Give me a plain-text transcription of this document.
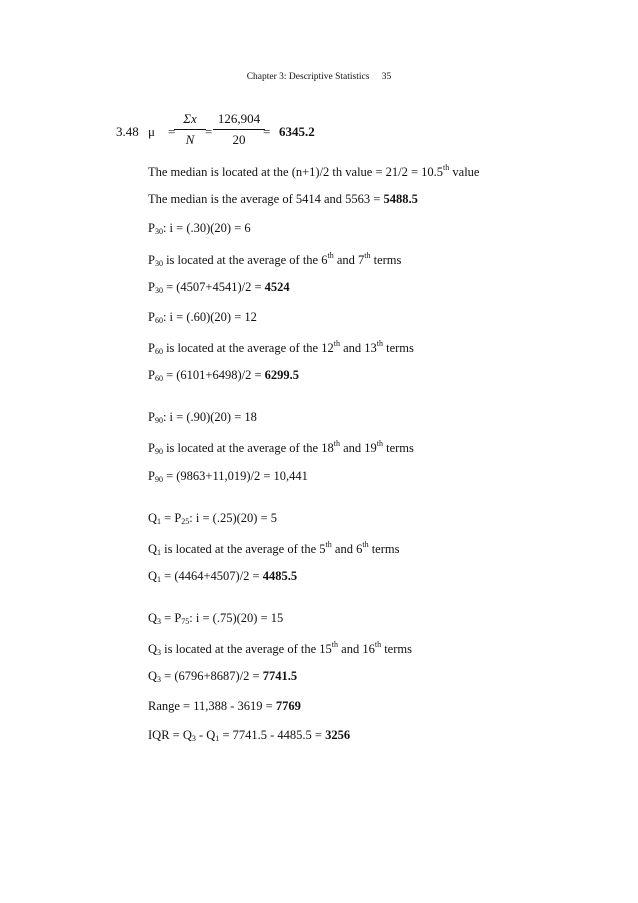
Chapter 3: Descriptive Statistics 35
3.48 μ =
Σx
N
=
126,904
20
= 6345.2
The median is located at the (n+1)/2 th value = 21/2 = 10.5th value
The median is the average of 5414 and 5563 = 5488.5
$P_{30}$: i = (.30)(20) = 6
$P_{30}$ is located at the average of the 6th and 7th terms
$P_{30} = (4507+4541)/2 = 4524$
$P_{60}$: i = (.60)(20) = 12
$P_{60}$ is located at the average of the 12th and 13th terms
$P_{60} = (6101+6498)/2 = 6299.5$
$P_{90}$: i = (.90)(20) = 18
$P_{90}$ is located at the average of the 18th and 19th terms
$P_{90} = (9863+11,019)/2 = 10,441$
$Q_1 = P_{25}$: i = (.25)(20) = 5
$Q_1$ is located at the average of the 5th and 6th terms
$Q_1 = (4464+4507)/2 = 4485.5$
$Q_3 = P_{75}$: i = (.75)(20) = 15
$Q_3$ is located at the average of the 15th and 16th terms
$Q_3 = (6796+8687)/2 = 7741.5$
Range = 11,388 - 3619 = 7769
IQR = $Q_3 - Q_1 = 7741.5 - 4485.5 = 3256$
